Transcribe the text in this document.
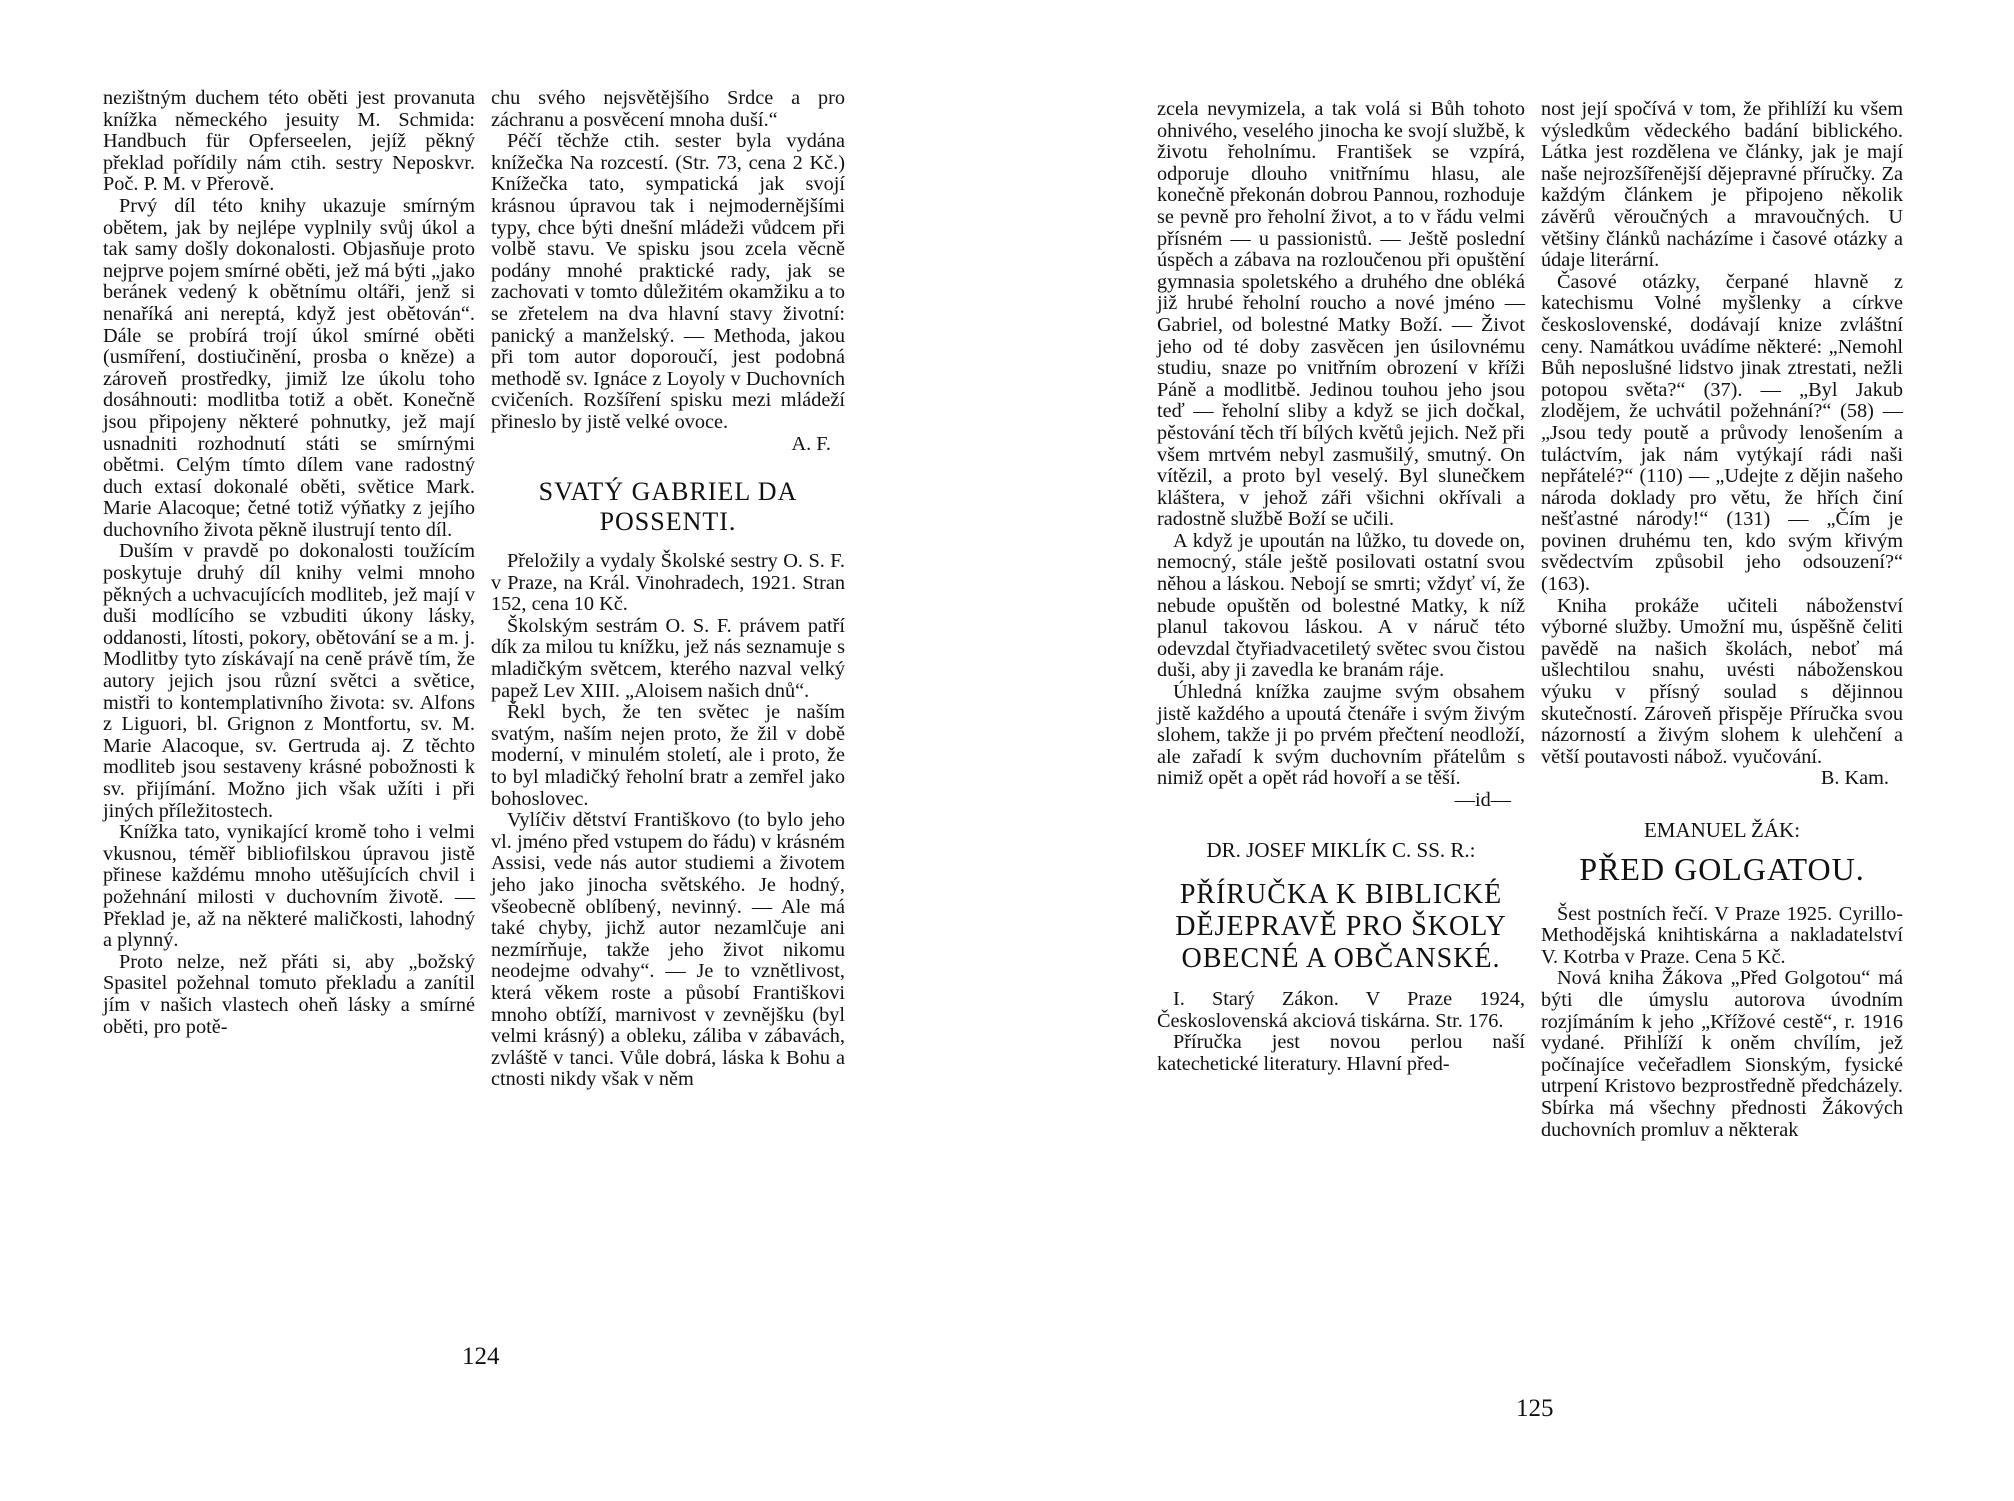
nezištným duchem této oběti jest provanuta knížka německého jesuity M. Schmida: Handbuch für Opferseelen, jejíž pěkný překlad pořídily nám ctih. sestry Neposkvr. Poč. P. M. v Přerově.

Prvý díl této knihy ukazuje smírným obětem, jak by nejlépe vyplnily svůj úkol a tak samy došly dokonalosti. Objasňuje proto nejprve pojem smírné oběti, jež má býti „jako beránek vedený k obětnímu oltáři, jenž si nenaříká ani nereptá, když jest obětován“. Dále se probírá trojí úkol smírné oběti (usmíření, dostiučinění, prosba o kněze) a zároveň prostředky, jimiž lze úkolu toho dosáhnouti: modlitba totiž a obět. Konečně jsou připojeny některé pohnutky, jež mají usnadniti rozhodnutí státi se smírnými obětmi. Celým tímto dílem vane radostný duch extasí dokonalé oběti, světice Mark. Marie Alacoque; četné totiž výňatky z jejího duchovního života pěkně ilustrují tento díl.

Duším v pravdě po dokonalosti toužícím poskytuje druhý díl knihy velmi mnoho pěkných a uchvacujících modliteb, jež mají v duši modlícího se vzbuditi úkony lásky, oddanosti, lítosti, pokory, obětování se a m. j. Modlitby tyto získávají na ceně právě tím, že autory jejich jsou různí světci a světice, mistři to kontemplativního života: sv. Alfons z Liguori, bl. Grignon z Montfortu, sv. M. Marie Alacoque, sv. Gertruda aj. Z těchto modliteb jsou sestaveny krásné pobožnosti k sv. přijímání. Možno jich však užíti i při jiných příležitostech.

Knížka tato, vynikající kromě toho i velmi vkusnou, téměř bibliofilskou úpravou jistě přinese každému mnoho utěšujících chvil i požehnání milosti v duchovním životě. — Překlad je, až na některé maličkosti, lahodný a plynný.

Proto nelze, než přáti si, aby „božský Spasitel požehnal tomuto překladu a zanítil jím v našich vlastech oheň lásky a smírné oběti, pro potě-

chu svého nejsvětějšího Srdce a pro záchranu a posvěcení mnoha duší.“

Péčí těchže ctih. sester byla vydána knížečka Na rozcestí. (Str. 73, cena 2 Kč.) Knížečka tato, sympatická jak svojí krásnou úpravou tak i nejmodernějšími typy, chce býti dnešní mládeži vůdcem při volbě stavu. Ve spisku jsou zcela věcně podány mnohé praktické rady, jak se zachovati v tomto důležitém okamžiku a to se zřetelem na dva hlavní stavy životní: panický a manželský. — Methoda, jakou při tom autor doporoučí, jest podobná methodě sv. Ignáce z Loyoly v Duchovních cvičeních. Rozšíření spisku mezi mládeží přineslo by jistě velké ovoce.

A. F.
SVATÝ GABRIEL DA
POSSENTI.

Přeložily a vydaly Školské sestry O. S. F. v Praze, na Král. Vinohradech, 1921. Stran 152, cena 10 Kč.

Školským sestrám O. S. F. právem patří dík za milou tu knížku, jež nás seznamuje s mladičkým světcem, kterého nazval velký papež Lev XIII. „Aloisem našich dnů“.

Řekl bych, že ten světec je naším svatým, naším nejen proto, že žil v době moderní, v minulém století, ale i proto, že to byl mladičký řeholní bratr a zemřel jako bohoslovec.

Vylíčiv dětství Františkovo (to bylo jeho vl. jméno před vstupem do řádu) v krásném Assisi, vede nás autor studiemi a životem jeho jako jinocha světského. Je hodný, všeobecně oblíbený, nevinný. — Ale má také chyby, jichž autor nezamlčuje ani nezmírňuje, takže jeho život nikomu neodejme odvahy“. — Je to vznětlivost, která věkem roste a působí Františkovi mnoho obtíží, marnivost v zevnějšku (byl velmi krásný) a obleku, záliba v zábavách, zvláště v tanci. Vůle dobrá, láska k Bohu a ctnosti nikdy však v něm

124

zcela nevymizela, a tak volá si Bůh tohoto ohnivého, veselého jinocha ke svojí službě, k životu řeholnímu. František se vzpírá, odporuje dlouho vnitřnímu hlasu, ale konečně překonán dobrou Pannou, rozhoduje se pevně pro řeholní život, a to v řádu velmi přísném — u passionistů. — Ještě poslední úspěch a zábava na rozloučenou při opuštění gymnasia spoletského a druhého dne obléká již hrubé řeholní roucho a nové jméno — Gabriel, od bolestné Matky Boží. — Život jeho od té doby zasvěcen jen úsilovnému studiu, snaze po vnitřním obrození v kříži Páně a modlitbě. Jedinou touhou jeho jsou teď — řeholní sliby a když se jich dočkal, pěstování těch tří bílých květů jejich. Než při všem mrtvém nebyl zasmušilý, smutný. On vítězil, a proto byl veselý. Byl slunečkem kláštera, v jehož záři všichni okřívali a radostně službě Boží se učili.

A když je upoután na lůžko, tu dovede on, nemocný, stále ještě posilovati ostatní svou něhou a láskou. Nebojí se smrti; vždyť ví, že nebude opuštěn od bolestné Matky, k níž planul takovou láskou. A v náruč této odevzdal čtyřiadvacetiletý světec svou čistou duši, aby ji zavedla ke branám ráje.

Úhledná knížka zaujme svým obsahem jistě každého a upoutá čtenáře i svým živým slohem, takže ji po prvém přečtení neodloží, ale zařadí k svým duchovním přátelům s nimiž opět a opět rád hovoří a se těší.

—id—
DR. JOSEF MIKLÍK C. SS. R.:
PŘÍRUČKA K BIBLICKÉ
DĚJEPRAVĚ PRO ŠKOLY
OBECNÉ A OBČANSKÉ.

I. Starý Zákon. V Praze 1924, Československá akciová tiskárna. Str. 176.

Příručka jest novou perlou naší katechetické literatury. Hlavní před-

nost její spočívá v tom, že přihlíží ku všem výsledkům vědeckého badání biblického. Látka jest rozdělena ve články, jak je mají naše nejrozšířenější dějepravné příručky. Za každým článkem je připojeno několik závěrů věroučných a mravoučných. U většiny článků nacházíme i časové otázky a údaje literární.

Časové otázky, čerpané hlavně z katechismu Volné myšlenky a církve československé, dodávají knize zvláštní ceny. Namátkou uvádíme některé: „Nemohl Bůh neposlušné lidstvo jinak ztrestati, nežli potopou světa?“ (37). — „Byl Jakub zlodějem, že uchvátil požehnání?“ (58) — „Jsou tedy poutě a průvody lenošením a tuláctvím, jak nám vytýkají rádi naši nepřátelé?“ (110) — „Udejte z dějin našeho národa doklady pro větu, že hřích činí nešťastné národy!“ (131) — „Čím je povinen druhému ten, kdo svým křivým svědectvím způsobil jeho odsouzení?“ (163).

Kniha prokáže učiteli náboženství výborné služby. Umožní mu, úspěšně čeliti pavědě na našich školách, neboť má ušlechtilou snahu, uvésti náboženskou výuku v přísný soulad s dějinnou skutečností. Zároveň přispěje Příručka svou názorností a živým slohem k ulehčení a větší poutavosti nábož. vyučování.

B. Kam.
EMANUEL ŽÁK:
PŘED GOLGATOU.

Šest postních řečí. V Praze 1925. Cyrillo-Methodějská knihtiskárna a nakladatelství V. Kotrba v Praze. Cena 5 Kč.

Nová kniha Žákova „Před Golgotou“ má býti dle úmyslu autorova úvodním rozjímáním k jeho „Křížové cestě“, r. 1916 vydané. Přihlíží k oněm chvílím, jež počínajíce večeřadlem Sionským, fysické utrpení Kristovo bezprostředně předcházely. Sbírka má všechny přednosti Žákových duchovních promluv a některak

125
